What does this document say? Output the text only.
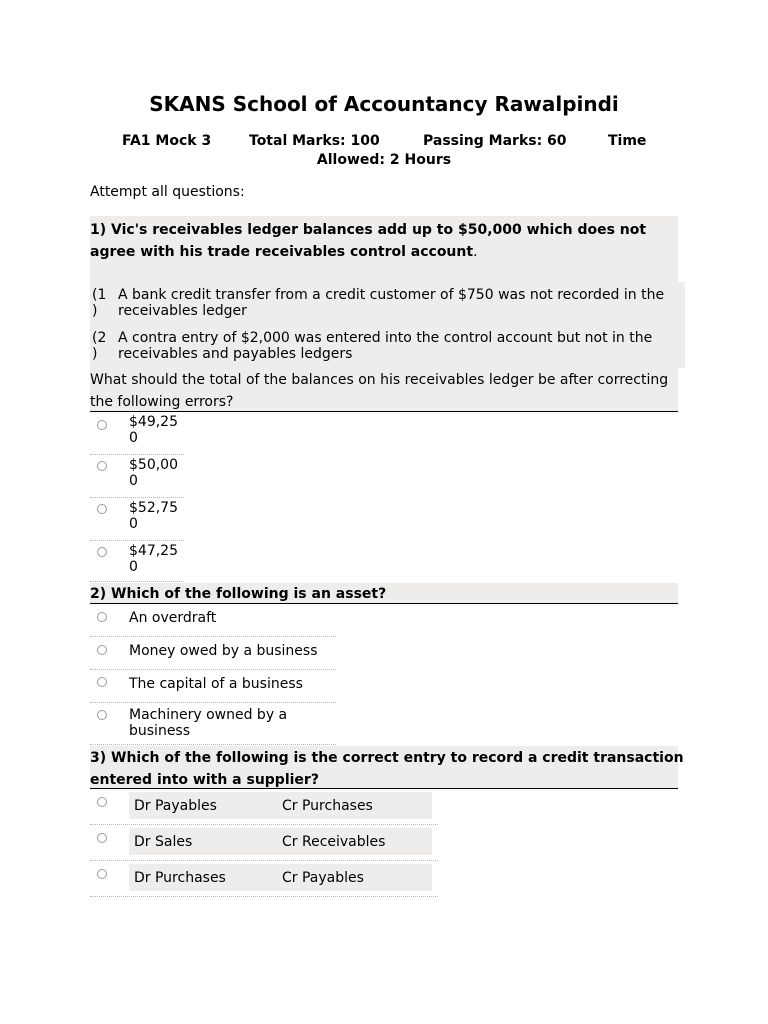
SKANS School of Accountancy Rawalpindi
FA1 Mock 3	Total Marks: 100	Passing Marks: 60	Time
Allowed: 2 Hours
Attempt all questions:
1) Vic's receivables ledger balances add up to $50,000 which does not agree with his trade receivables control account.
(1
)
A bank credit transfer from a credit customer of $750 was not recorded in the receivables ledger
(2
)
A contra entry of $2,000 was entered into the control account but not in the receivables and payables ledgers
What should the total of the balances on his receivables ledger be after correcting the following errors?
$49,25
0
$50,00
0
$52,75
0
$47,25
0
2) Which of the following is an asset?
An overdraft
Money owed by a business
The capital of a business
Machinery owned by a business
3) Which of the following is the correct entry to record a credit transaction entered into with a supplier?
Dr Payables	Cr Purchases
Dr Sales	Cr Receivables
Dr Purchases	Cr Payables
